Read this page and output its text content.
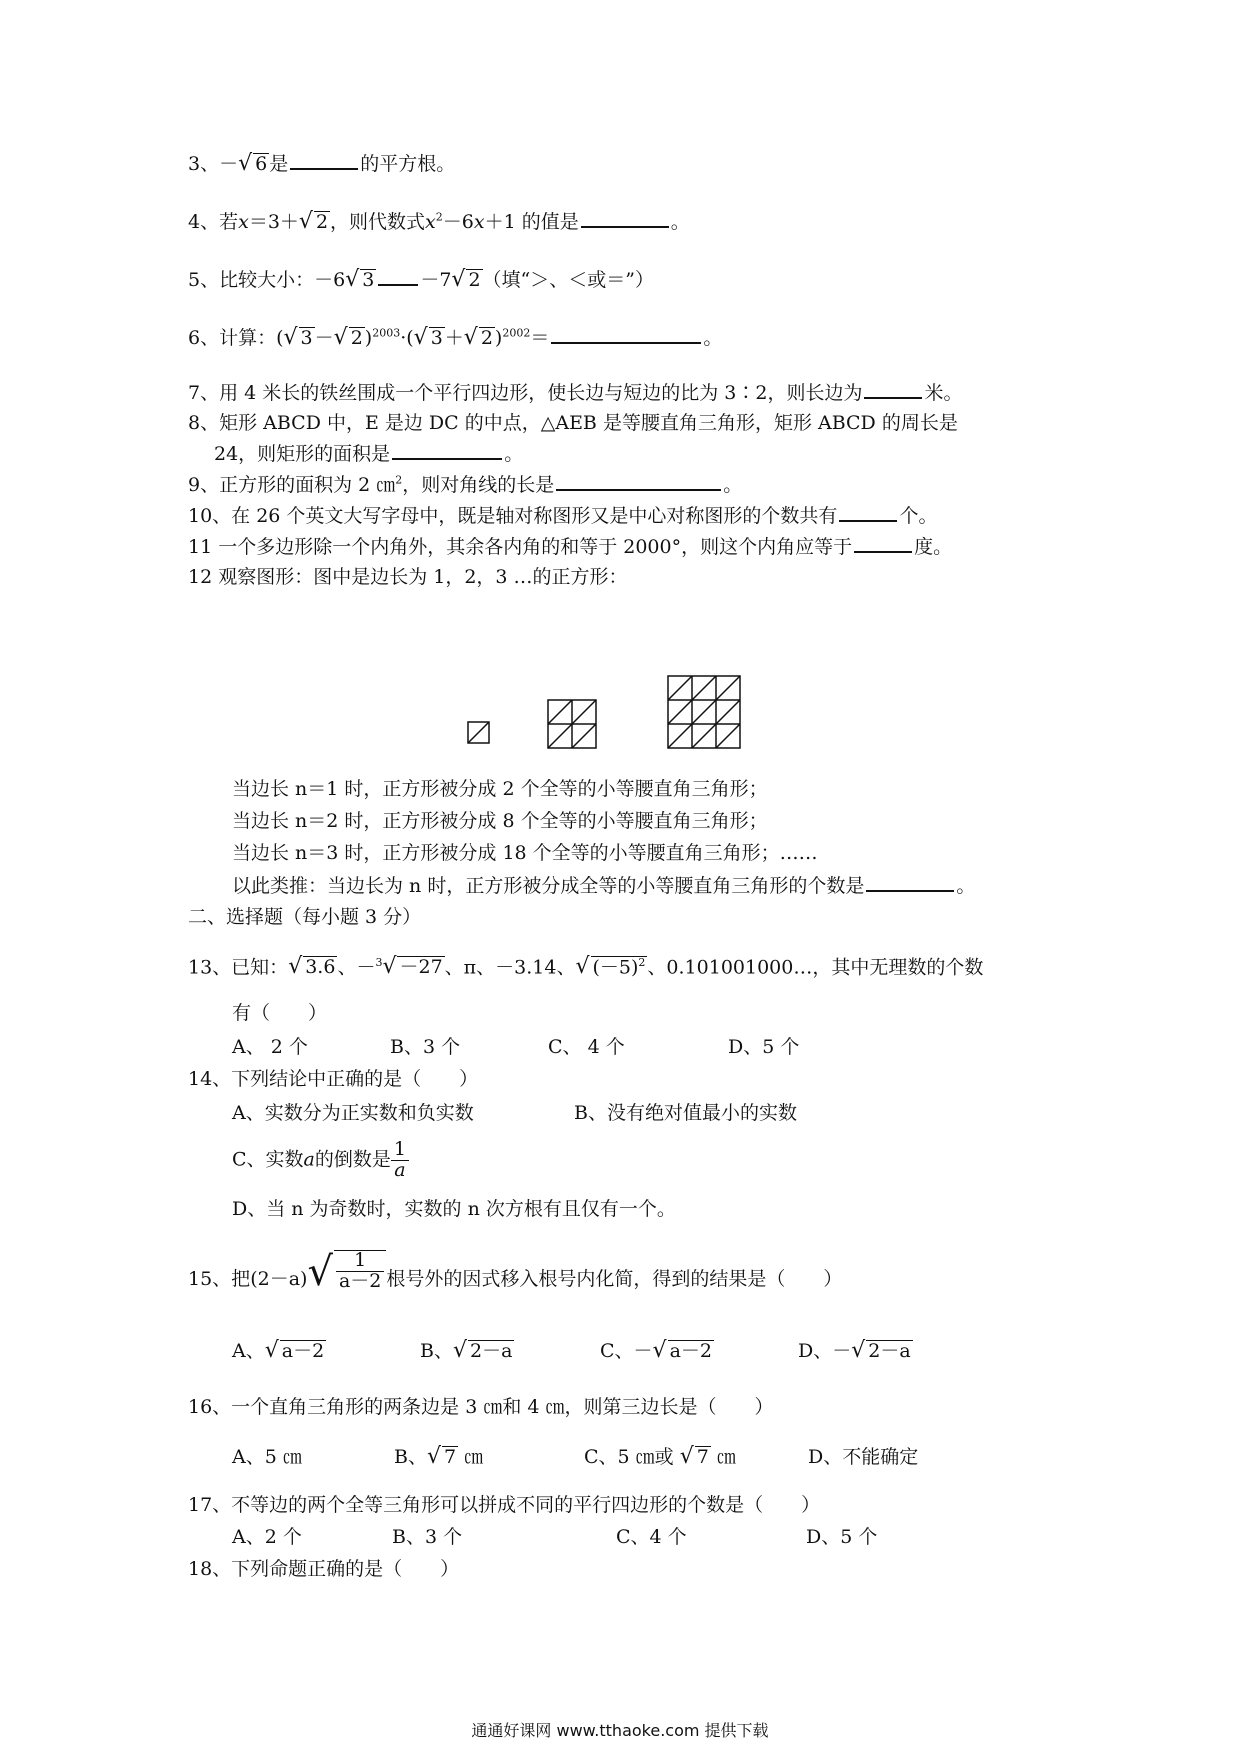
3、－ √ 6 是	的平方根。
4、若x＝3＋ √ 2 ，则代数式$x^2-6x+1$ 的值是	。
5、比较大小：－6 √ 3 －7 √ 2 （填“＞、＜或＝”）
6、计算：( √ 3 － √ 2 )$^{2003}$·( √ 3 ＋ √ 2 )$^{2002}$＝	。
7、用 4 米长的铁丝围成一个平行四边形，使长边与短边的比为 3∶2，则长边为	米。
8、矩形 ABCD 中，E 是边 DC 的中点，△AEB 是等腰直角三角形，矩形 ABCD 的周长是
24，则矩形的面积是	。
9、正方形的面积为 2 ㎝$^2$，则对角线的长是	。
10、在 26 个英文大写字母中，既是轴对称图形又是中心对称图形的个数共有	个。
11 一个多边形除一个内角外，其余各内角的和等于 2000°，则这个内角应等于	度。
12 观察图形：图中是边长为 1，2，3 …的正方形：
当边长 n＝1 时，正方形被分成 2 个全等的小等腰直角三角形；
当边长 n＝2 时，正方形被分成 8 个全等的小等腰直角三角形；
当边长 n＝3 时，正方形被分成 18 个全等的小等腰直角三角形；……
以此类推：当边长为 n 时，正方形被分成全等的小等腰直角三角形的个数是	。
二、选择题（每小题 3 分）
13、已知： √ 3.6 、－$^3$ √ －27 、π、－3.14、 √ $(-5)^2$ 、0.101001000…，其中无理数的个数
有（　　）
A、 2 个	B、3 个	C、 4 个	D、5 个
14、下列结论中正确的是（　　）
A、实数分为正实数和负实数	B、没有绝对值最小的实数
C、实数a的倒数是 $\frac{1}{a}$
D、当 n 为奇数时，实数的 n 次方根有且仅有一个。
15、把(2－a) √ $\frac{1}{a-2}$ 根号外的因式移入根号内化简，得到的结果是（　　）
A、 √ a－2	B、 √ 2－a	C、－ √ a－2	D、－ √ 2－a
16、一个直角三角形的两条边是 3 ㎝和 4 ㎝，则第三边长是（　　）
A、5 ㎝	B、 √ 7 ㎝	C、5 ㎝或 √ 7 ㎝	D、不能确定
17、不等边的两个全等三角形可以拼成不同的平行四边形的个数是（　　）
A、2 个	B、3 个	C、4 个	D、5 个
18、下列命题正确的是（　　）
通通好课网 www.tthaoke.com 提供下载
